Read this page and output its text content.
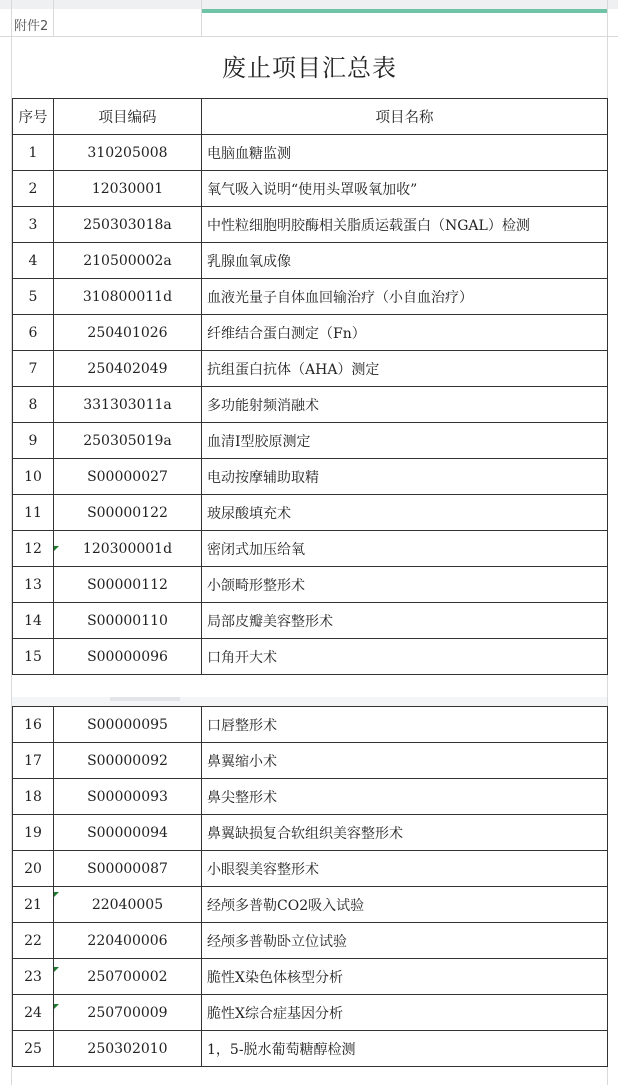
附件2
废止项目汇总表
序号	项目编码	项目名称
1	310205008	电脑血糖监测
2	12030001	氧气吸入说明“使用头罩吸氧加收”
3	250303018a	中性粒细胞明胶酶相关脂质运载蛋白（NGAL）检测
4	210500002a	乳腺血氧成像
5	310800011d	血液光量子自体血回输治疗（小自血治疗）
6	250401026	纤维结合蛋白测定（Fn）
7	250402049	抗组蛋白抗体（AHA）测定
8	331303011a	多功能射频消融术
9	250305019a	血清I型胶原测定
10	S00000027	电动按摩辅助取精
11	S00000122	玻尿酸填充术
12	120300001d	密闭式加压给氧
13	S00000112	小颌畸形整形术
14	S00000110	局部皮瓣美容整形术
15	S00000096	口角开大术
16	S00000095	口唇整形术
17	S00000092	鼻翼缩小术
18	S00000093	鼻尖整形术
19	S00000094	鼻翼缺损复合软组织美容整形术
20	S00000087	小眼裂美容整形术
21	22040005	经颅多普勒CO2吸入试验
22	220400006	经颅多普勒卧立位试验
23	250700002	脆性X染色体核型分析
24	250700009	脆性X综合症基因分析
25	250302010	1，5-脱水葡萄糖醇检测
